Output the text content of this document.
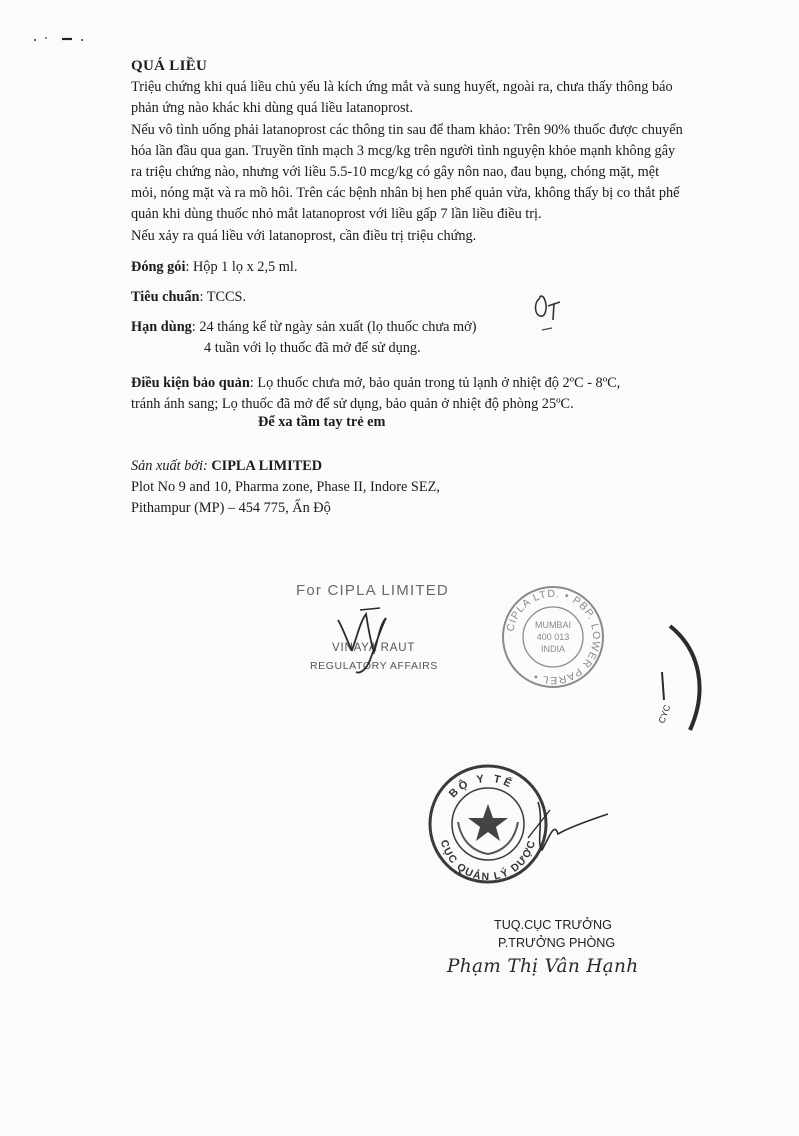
QUÁ LIỀU

Triệu chứng khi quá liều chủ yếu là kích ứng mắt và sung huyết, ngoài ra, chưa thấy thông báo

phản ứng nào khác khi dùng quá liều latanoprost.

Nếu vô tình uống phải latanoprost các thông tin sau để tham khảo: Trên 90% thuốc được chuyển

hóa lần đầu qua gan. Truyền tĩnh mạch 3 mcg/kg trên người tình nguyện khỏe mạnh không gây

ra triệu chứng nào, nhưng với liều 5.5-10 mcg/kg có gây nôn nao, đau bụng, chóng mặt, mệt

mỏi, nóng mặt và ra mồ hôi. Trên các bệnh nhân bị hen phế quản vừa, không thấy bị co thắt phế

quản khi dùng thuốc nhỏ mắt latanoprost với liều gấp 7 lần liều điều trị.

Nếu xảy ra quá liều với latanoprost, cần điều trị triệu chứng.

Đóng gói: Hộp 1 lọ x 2,5 ml.

Tiêu chuẩn: TCCS.

Hạn dùng: 24 tháng kể từ ngày sản xuất (lọ thuốc chưa mở)

4 tuần với lọ thuốc đã mở để sử dụng.

Điều kiện bảo quản: Lọ thuốc chưa mở, bảo quản trong tủ lạnh ở nhiệt độ 2ºC - 8ºC,

tránh ánh sang; Lọ thuốc đã mở để sử dụng, bảo quản ở nhiệt độ phòng 25ºC.

Để xa tầm tay trẻ em

Sản xuất bởi: CIPLA LIMITED

Plot No 9 and 10, Pharma zone, Phase II, Indore SEZ,

Pithampur (MP) – 454 775, Ấn Độ

For CIPLA LIMITED
VINAYA RAUT
REGULATORY AFFAIRS
CIPLA LTD. • PBP. LOWER PAREL •
MUMBAI
400 013
INDIA
CYC
BỘ Y TẾ
CỤC QUẢN LÝ DƯỢC

TUQ.CỤC TRƯỞNG

P.TRƯỞNG PHÒNG

Phạm Thị Vân Hạnh
